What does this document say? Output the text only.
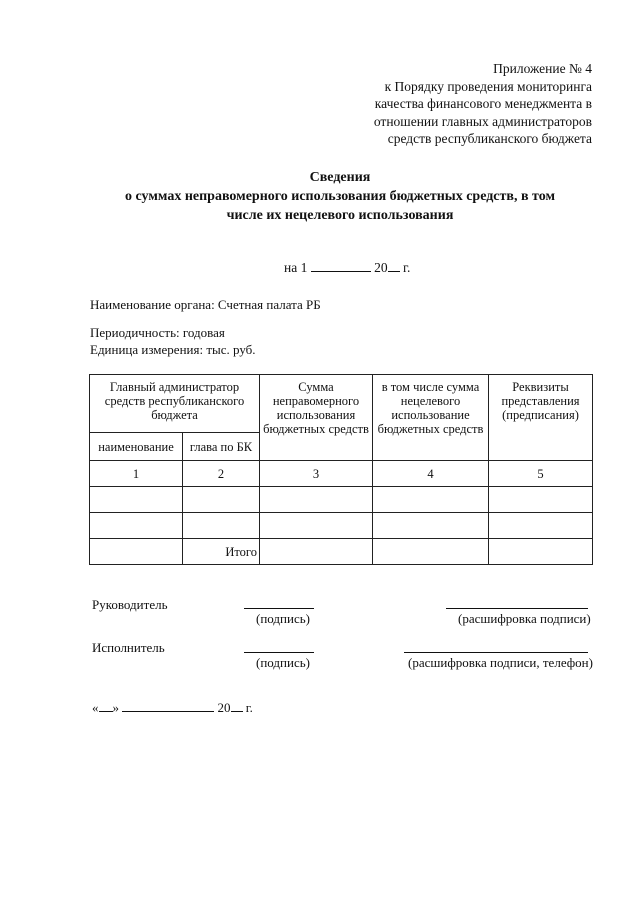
Приложение № 4
к Порядку проведения мониторинга
качества финансового менеджмента в
отношении главных администраторов
средств республиканского бюджета
Сведения
о суммах неправомерного использования бюджетных средств, в том
числе их нецелевого использования
на 1	20 г.
Наименование органа: Счетная палата РБ
Периодичность: годовая
Единица измерения: тыс. руб.
Главный администратор средств республиканского бюджета		Сумма неправомерного использования бюджетных средств	в том числе сумма нецелевого использование бюджетных средств	Реквизиты представления (предписания)
наименование	глава по БК			
1	2	3	4	5

	Итого			
Руководитель
(подпись)	(расшифровка подписи)
Исполнитель
(подпись)	(расшифровка подписи, телефон)
« »	20 г.
